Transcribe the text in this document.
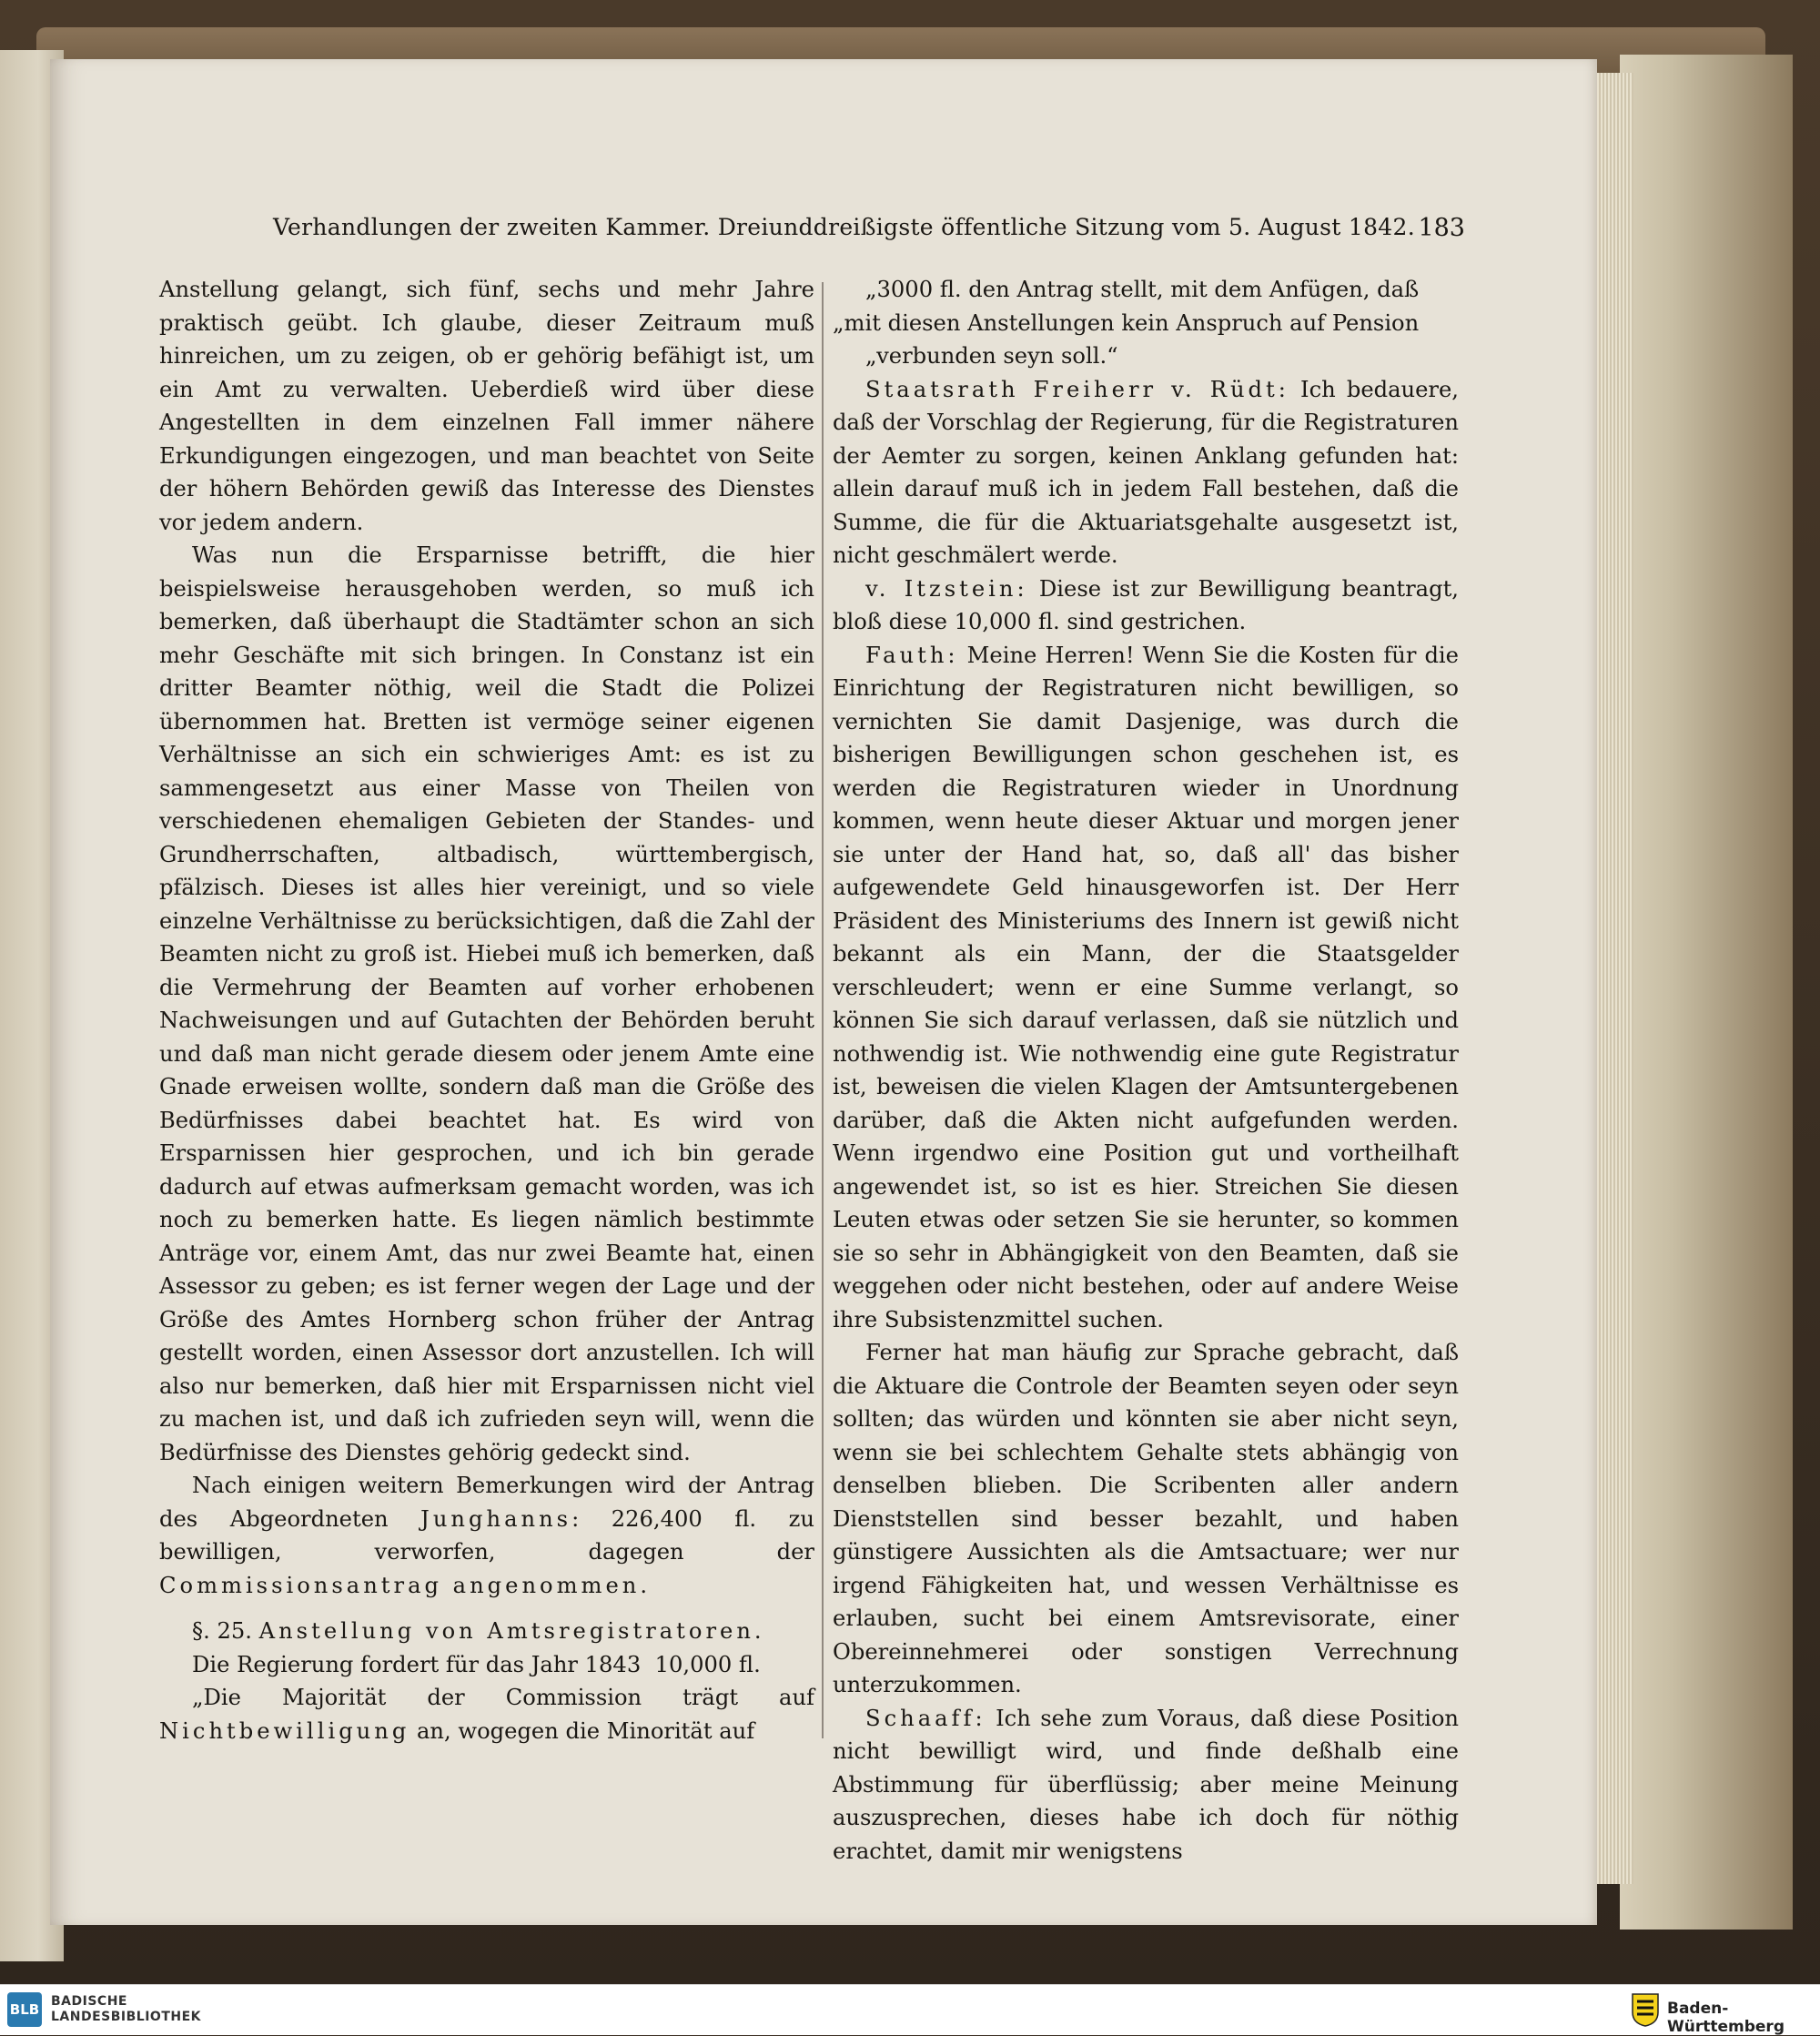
Verhandlungen der zweiten Kammer. Dreiunddreißigste öffentliche Sitzung vom 5. August 1842. 183

Anstellung gelangt, sich fünf, sechs und mehr Jahre praktisch geübt. Ich glaube, dieser Zeitraum muß hinreichen, um zu zeigen, ob er gehörig befähigt ist, um ein Amt zu verwalten. Ueberdieß wird über diese Angestellten in dem einzelnen Fall immer nähere Erkundigungen eingezogen, und man beachtet von Seite der höhern Behörden gewiß das Interesse des Dienstes vor jedem andern.

Was nun die Ersparnisse betrifft, die hier beispielsweise herausgehoben werden, so muß ich bemerken, daß überhaupt die Stadtämter schon an sich mehr Geschäfte mit sich bringen. In Constanz ist ein dritter Beamter nöthig, weil die Stadt die Polizei übernommen hat. Bretten ist vermöge seiner eigenen Verhältnisse an sich ein schwieriges Amt: es ist zu sammengesetzt aus einer Masse von Theilen von verschiedenen ehemaligen Gebieten der Standes- und Grundherrschaften, altbadisch, württembergisch, pfälzisch. Dieses ist alles hier vereinigt, und so viele einzelne Verhältnisse zu berücksichtigen, daß die Zahl der Beamten nicht zu groß ist. Hiebei muß ich bemerken, daß die Vermehrung der Beamten auf vorher erhobenen Nachweisungen und auf Gutachten der Behörden beruht und daß man nicht gerade diesem oder jenem Amte eine Gnade erweisen wollte, sondern daß man die Größe des Bedürfnisses dabei beachtet hat. Es wird von Ersparnissen hier gesprochen, und ich bin gerade dadurch auf etwas aufmerksam gemacht worden, was ich noch zu bemerken hatte. Es liegen nämlich bestimmte Anträge vor, einem Amt, das nur zwei Beamte hat, einen Assessor zu geben; es ist ferner wegen der Lage und der Größe des Amtes Hornberg schon früher der Antrag gestellt worden, einen Assessor dort anzustellen. Ich will also nur bemerken, daß hier mit Ersparnissen nicht viel zu machen ist, und daß ich zufrieden seyn will, wenn die Bedürfnisse des Dienstes gehörig gedeckt sind.

Nach einigen weitern Bemerkungen wird der Antrag des Abgeordneten Junghanns: 226,400 fl. zu bewilligen, verworfen, dagegen der Commissionsantrag angenommen.

§. 25. Anstellung von Amtsregistratoren.

Die Regierung fordert für das Jahr 1843 10,000 fl.

„Die Majorität der Commission trägt auf Nichtbewilligung an, wogegen die Minorität auf

„3000 fl. den Antrag stellt, mit dem Anfügen, daß

„mit diesen Anstellungen kein Anspruch auf Pension

„verbunden seyn soll.“

Staatsrath Freiherr v. Rüdt: Ich bedauere, daß der Vorschlag der Regierung, für die Registraturen der Aemter zu sorgen, keinen Anklang gefunden hat: allein darauf muß ich in jedem Fall bestehen, daß die Summe, die für die Aktuariatsgehalte ausgesetzt ist, nicht geschmälert werde.

v. Itzstein: Diese ist zur Bewilligung beantragt, bloß diese 10,000 fl. sind gestrichen.

Fauth: Meine Herren! Wenn Sie die Kosten für die Einrichtung der Registraturen nicht bewilligen, so vernichten Sie damit Dasjenige, was durch die bisherigen Bewilligungen schon geschehen ist, es werden die Registraturen wieder in Unordnung kommen, wenn heute dieser Aktuar und morgen jener sie unter der Hand hat, so, daß all' das bisher aufgewendete Geld hinausgeworfen ist. Der Herr Präsident des Ministeriums des Innern ist gewiß nicht bekannt als ein Mann, der die Staatsgelder verschleudert; wenn er eine Summe verlangt, so können Sie sich darauf verlassen, daß sie nützlich und nothwendig ist. Wie nothwendig eine gute Registratur ist, beweisen die vielen Klagen der Amtsuntergebenen darüber, daß die Akten nicht aufgefunden werden. Wenn irgendwo eine Position gut und vortheilhaft angewendet ist, so ist es hier. Streichen Sie diesen Leuten etwas oder setzen Sie sie herunter, so kommen sie so sehr in Abhängigkeit von den Beamten, daß sie weggehen oder nicht bestehen, oder auf andere Weise ihre Subsistenzmittel suchen.

Ferner hat man häufig zur Sprache gebracht, daß die Aktuare die Controle der Beamten seyen oder seyn sollten; das würden und könnten sie aber nicht seyn, wenn sie bei schlechtem Gehalte stets abhängig von denselben blieben. Die Scribenten aller andern Dienststellen sind besser bezahlt, und haben günstigere Aussichten als die Amtsactuare; wer nur irgend Fähigkeiten hat, und wessen Verhältnisse es erlauben, sucht bei einem Amtsrevisorate, einer Obereinnehmerei oder sonstigen Verrechnung unterzukommen.

Schaaff: Ich sehe zum Voraus, daß diese Position nicht bewilligt wird, und finde deßhalb eine Abstimmung für überflüssig; aber meine Meinung auszusprechen, dieses habe ich doch für nöthig erachtet, damit mir wenigstens

BLB BADISCHE
LANDESBIBLIOTHEK	Baden-Württemberg
